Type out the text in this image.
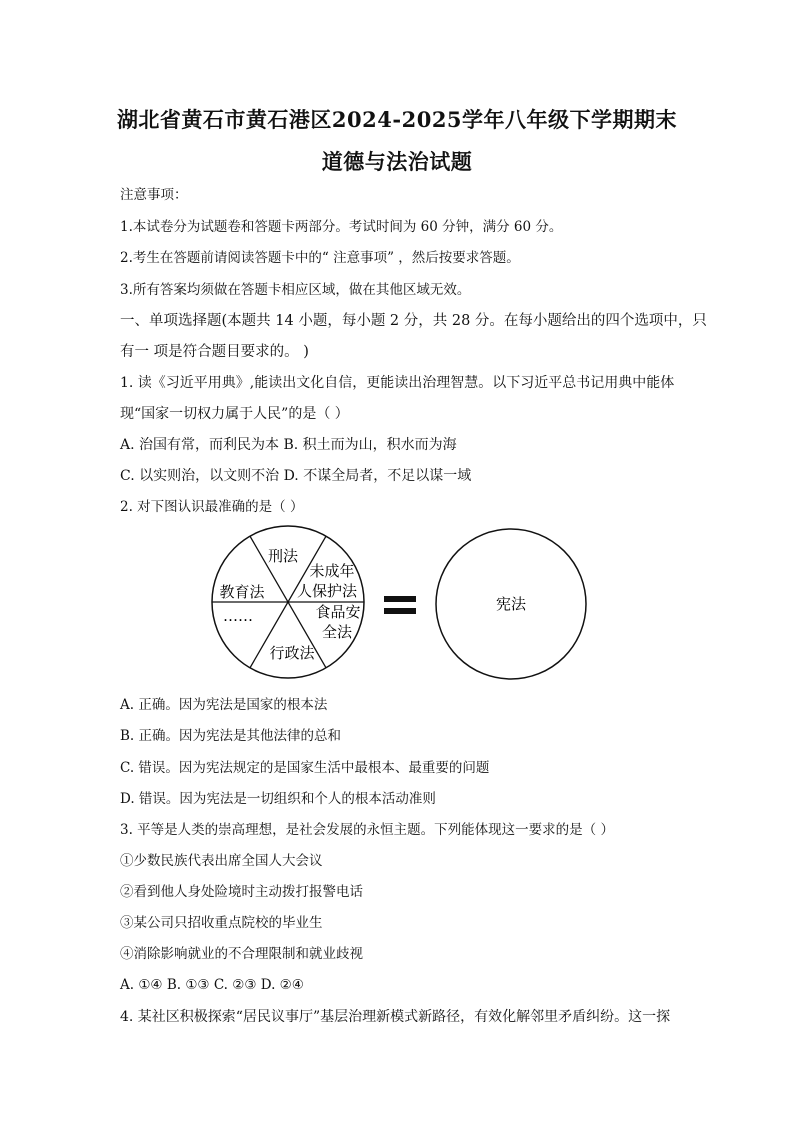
湖北省黄石市黄石港区2024-2025学年八年级下学期期末
道德与法治试题
注意事项：
1.本试卷分为试题卷和答题卡两部分。考试时间为 60 分钟，满分 60 分。
2.考生在答题前请阅读答题卡中的“ 注意事项” ，然后按要求答题。
3.所有答案均须做在答题卡相应区域，做在其他区域无效。
一、单项选择题(本题共 14 小题，每小题 2 分，共 28 分。在每小题给出的四个选项中，只
有一 项是符合题目要求的。 )
1. 读《习近平用典》,能读出文化自信，更能读出治理智慧。以下习近平总书记用典中能体
现“国家一切权力属于人民”的是（ ）
A. 治国有常，而利民为本 B. 积土而为山，积水而为海
C. 以实则治，以文则不治 D. 不谋全局者，不足以谋一域
2. 对下图认识最准确的是（ ）
刑法
未成年
人保护法
食品安
全法
行政法
……
教育法
宪法
A. 正确。因为宪法是国家的根本法
B. 正确。因为宪法是其他法律的总和
C. 错误。因为宪法规定的是国家生活中最根本、最重要的问题
D. 错误。因为宪法是一切组织和个人的根本活动准则
3. 平等是人类的崇高理想，是社会发展的永恒主题。下列能体现这一要求的是（ ）
①少数民族代表出席全国人大会议
②看到他人身处险境时主动拨打报警电话
③某公司只招收重点院校的毕业生
④消除影响就业的不合理限制和就业歧视
A. ①④ B. ①③ C. ②③ D. ②④
4. 某社区积极探索“居民议事厅”基层治理新模式新路径，有效化解邻里矛盾纠纷。这一探
